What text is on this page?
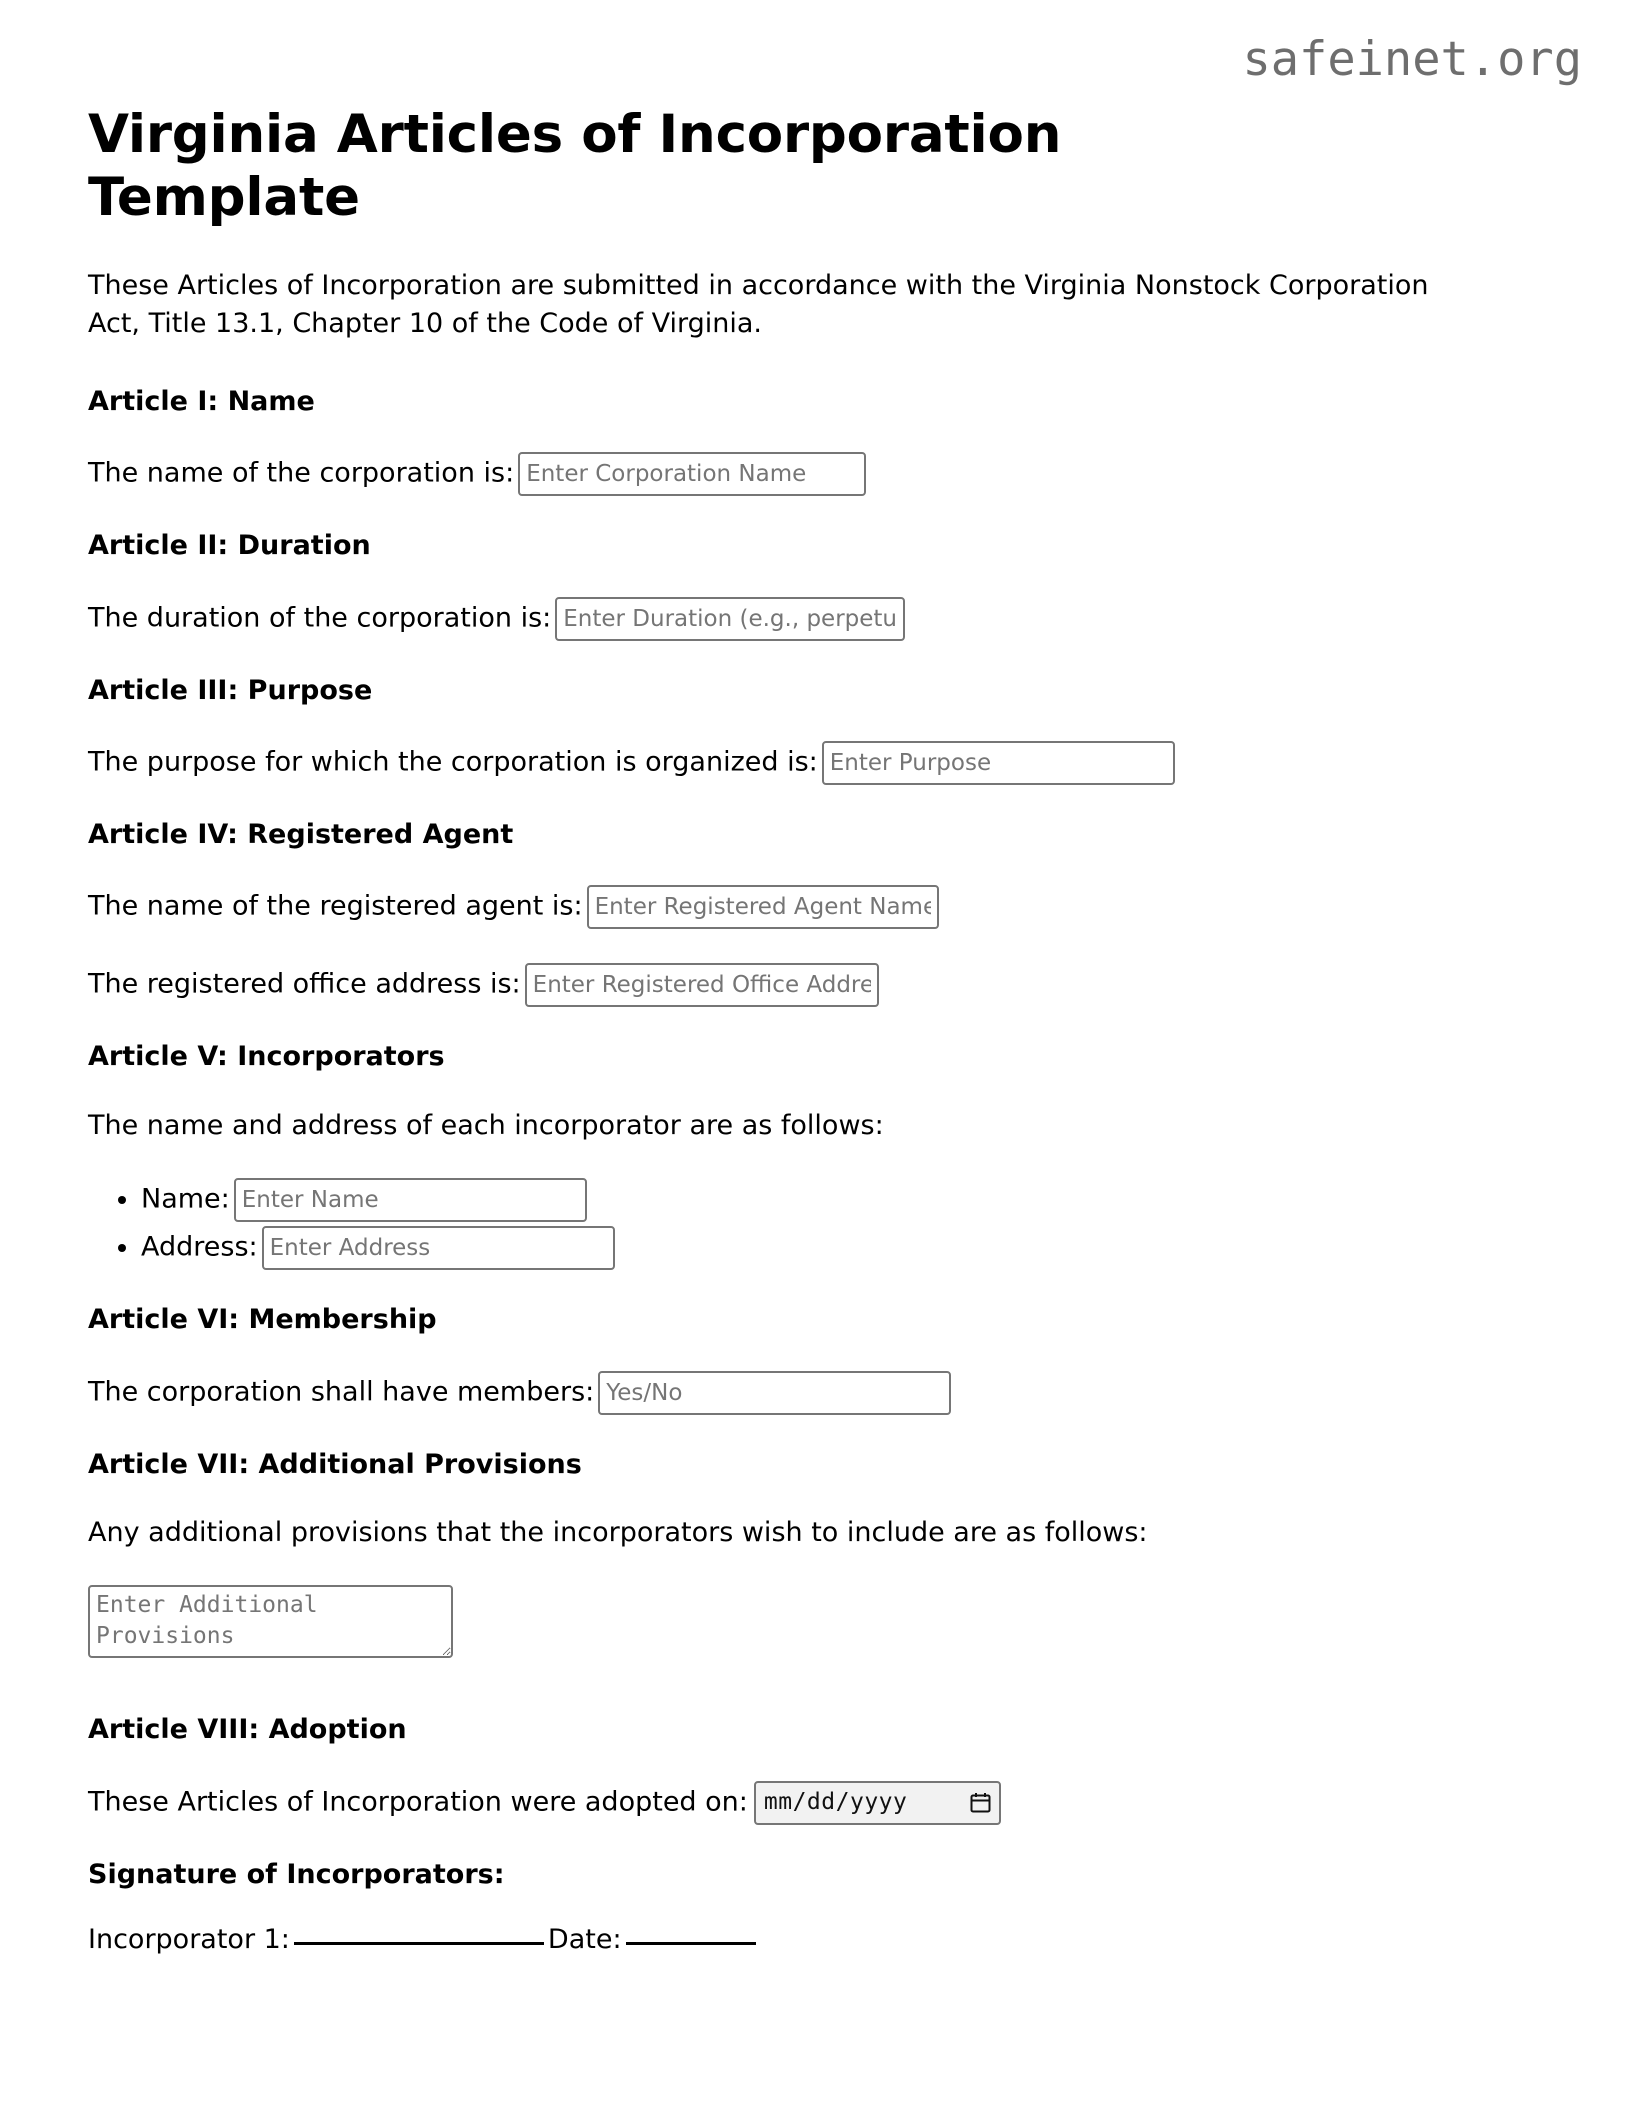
safeinet.org
Virginia Articles of Incorporation Template

These Articles of Incorporation are submitted in accordance with the Virginia Nonstock Corporation Act, Title 13.1, Chapter 10 of the Code of Virginia.

Article I: Name

The name of the corporation is:Enter Corporation Name

Article II: Duration

The duration of the corporation is:Enter Duration (e.g., perpetual)

Article III: Purpose

The purpose for which the corporation is organized is:Enter Purpose

Article IV: Registered Agent

The name of the registered agent is:Enter Registered Agent Name

The registered office address is:Enter Registered Office Address

Article V: Incorporators

The name and address of each incorporator are as follows:

• Name:Enter Name
• Address:Enter Address
Article VI: Membership

The corporation shall have members:Yes/No

Article VII: Additional Provisions

Any additional provisions that the incorporators wish to include are as follows:

Enter Additional Provisions
Article VIII: Adoption

These Articles of Incorporation were adopted on: mm/dd/yyyy

Signature of Incorporators:

Incorporator 1:	Date:
